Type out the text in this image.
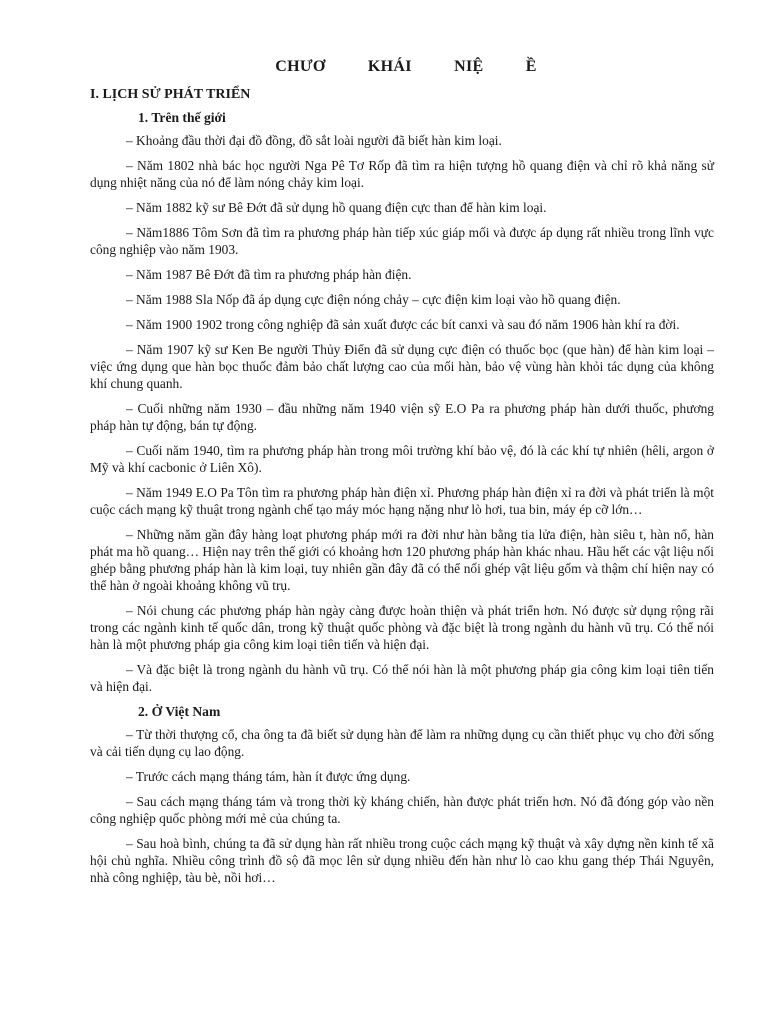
CHƯƠ KHÁI NIỆ Ề
I. LỊCH SỬ PHÁT TRIỂN
1. Trên thế giới

– Khoảng đầu thời đại đồ đồng, đồ sắt loài người đã biết hàn kim loại.

– Năm 1802 nhà bác học người Nga Pê Tơ Rốp đã tìm ra hiện tượng hồ quang điện và chỉ rõ khả năng sử dụng nhiệt năng của nó để làm nóng chảy kim loại.

– Năm 1882 kỹ sư Bê Đớt đã sử dụng hồ quang điện cực than để hàn kim loại.

– Năm1886 Tôm Sơn đã tìm ra phương pháp hàn tiếp xúc giáp mối và được áp dụng rất nhiều trong lĩnh vực công nghiệp vào năm 1903.

– Năm 1987 Bê Đớt đã tìm ra phương pháp hàn điện.

– Năm 1988 Sla Nốp đã áp dụng cực điện nóng chảy – cực điện kim loại vào hồ quang điện.

– Năm 1900 1902 trong công nghiệp đã sản xuất được các bít canxi và sau đó năm 1906 hàn khí ra đời.

– Năm 1907 kỹ sư Ken Be người Thủy Điển đã sử dụng cực điện có thuốc bọc (que hàn) để hàn kim loại – việc ứng dụng que hàn bọc thuốc đảm bảo chất lượng cao của mối hàn, bảo vệ vùng hàn khỏi tác dụng của không khí chung quanh.

– Cuối những năm 1930 – đầu những năm 1940 viện sỹ E.O Pa ra phương pháp hàn dưới thuốc, phương pháp hàn tự động, bán tự động.

– Cuối năm 1940, tìm ra phương pháp hàn trong môi trường khí bảo vệ, đó là các khí tự nhiên (hêli, argon ở Mỹ và khí cacbonic ở Liên Xô).

– Năm 1949 E.O Pa Tôn tìm ra phương pháp hàn điện xỉ. Phương pháp hàn điện xỉ ra đời và phát triển là một cuộc cách mạng kỹ thuật trong ngành chế tạo máy móc hạng nặng như lò hơi, tua bin, máy ép cỡ lớn…

– Những năm gần đây hàng loạt phương pháp mới ra đời như hàn bằng tia lửa điện, hàn siêu t, hàn nổ, hàn phát ma hồ quang… Hiện nay trên thế giới có khoảng hơn 120 phương pháp hàn khác nhau. Hầu hết các vật liệu nối ghép bằng phương pháp hàn là kim loại, tuy nhiên gần đây đã có thể nối ghép vật liệu gốm và thậm chí hiện nay có thể hàn ở ngoài khoảng không vũ trụ.

– Nói chung các phương pháp hàn ngày càng được hoàn thiện và phát triển hơn. Nó được sử dụng rộng rãi trong các ngành kinh tế quốc dân, trong kỹ thuật quốc phòng và đặc biệt là trong ngành du hành vũ trụ. Có thể nói hàn là một phương pháp gia công kim loại tiên tiến và hiện đại.

– Và đặc biệt là trong ngành du hành vũ trụ. Có thể nói hàn là một phương pháp gia công kim loại tiên tiến và hiện đại.

2. Ở Việt Nam

– Từ thời thượng cổ, cha ông ta đã biết sử dụng hàn để làm ra những dụng cụ cần thiết phục vụ cho đời sống và cải tiến dụng cụ lao động.

– Trước cách mạng tháng tám, hàn ít được ứng dụng.

– Sau cách mạng tháng tám và trong thời kỳ kháng chiến, hàn được phát triển hơn. Nó đã đóng góp vào nền công nghiệp quốc phòng mới mẻ của chúng ta.

– Sau hoà bình, chúng ta đã sử dụng hàn rất nhiều trong cuộc cách mạng kỹ thuật và xây dựng nền kinh tế xã hội chủ nghĩa. Nhiều công trình đồ sộ đã mọc lên sử dụng nhiều đến hàn như lò cao khu gang thép Thái Nguyên, nhà công nghiệp, tàu bè, nồi hơi…
